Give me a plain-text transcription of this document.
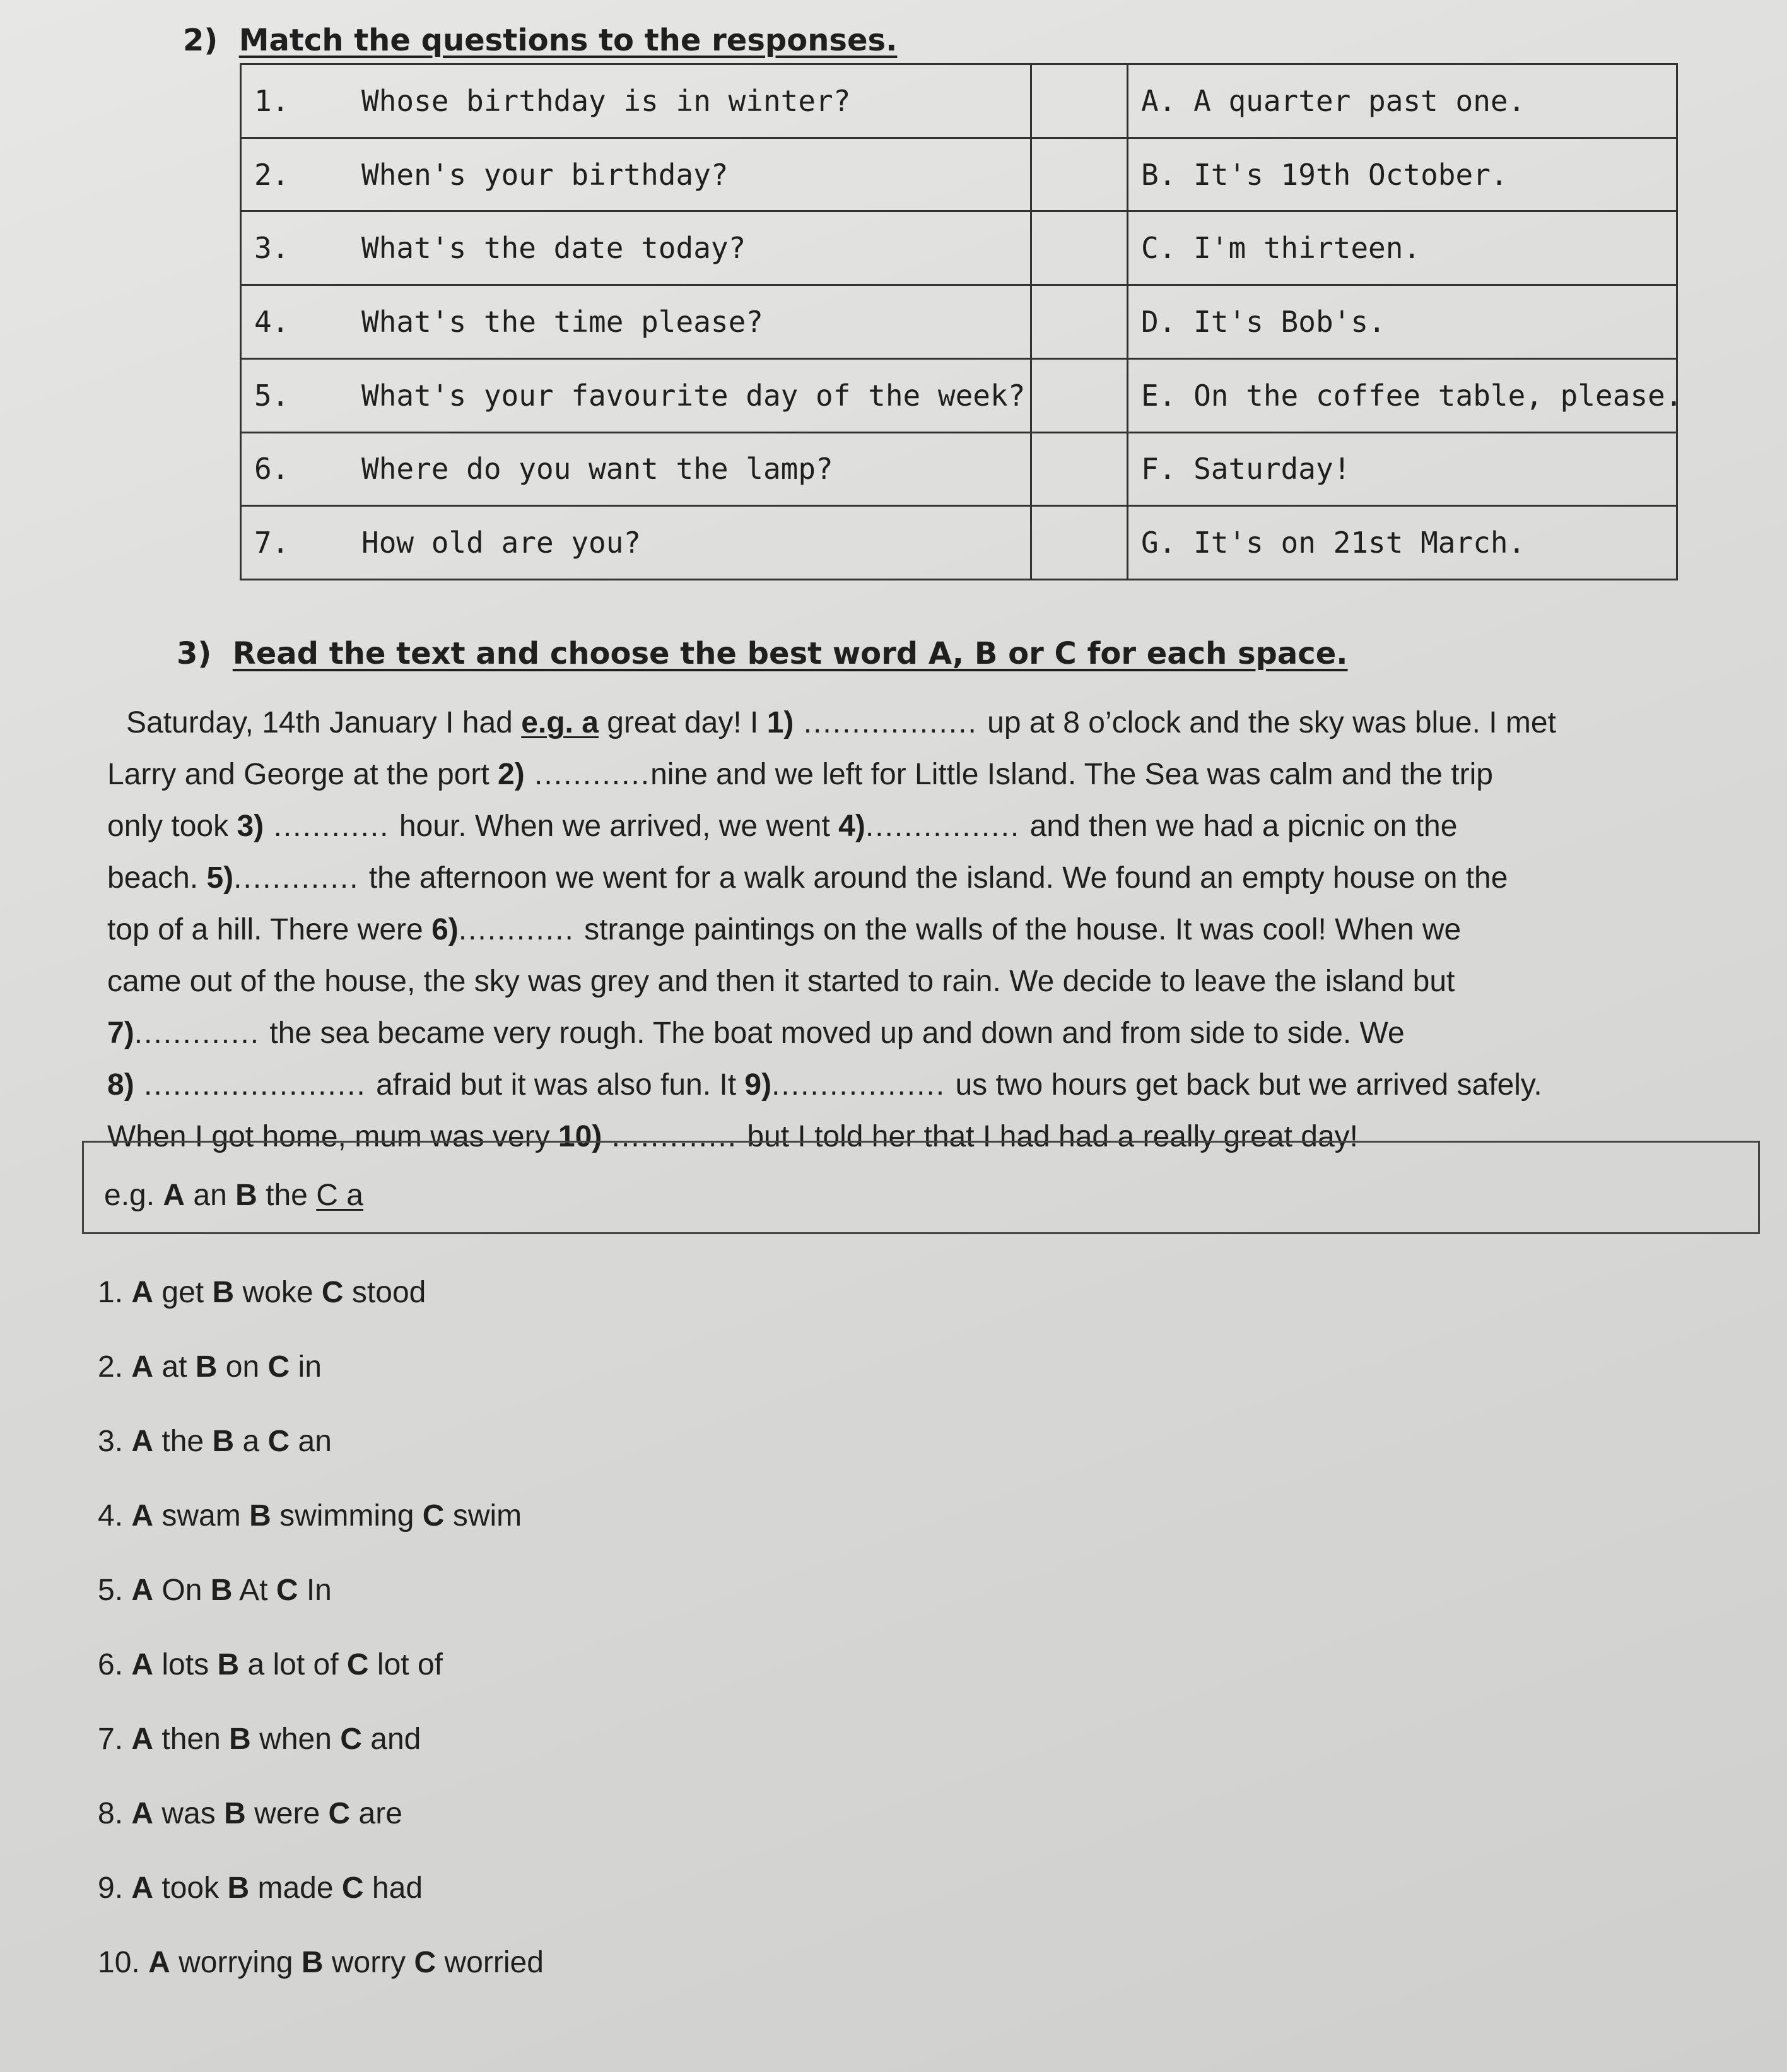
2) Match the questions to the responses.
1. Whose birthday is in winter?		A. A quarter past one.
2. When's your birthday?		B. It's 19th October.
3. What's the date today?		C. I'm thirteen.
4. What's the time please?		D. It's Bob's.
5. What's your favourite day of the week?		E. On the coffee table, please.
6. Where do you want the lamp?		F. Saturday!
7. How old are you?		G. It's on 21st March.
3) Read the text and choose the best word A, B or C for each space.

Saturday, 14th January I had e.g. a great day! I 1) .................. up at 8 o’clock and the sky was blue. I met

Larry and George at the port 2) ............nine and we left for Little Island. The Sea was calm and the trip

only took 3) ............ hour. When we arrived, we went 4)................ and then we had a picnic on the

beach. 5)............. the afternoon we went for a walk around the island. We found an empty house on the

top of a hill. There were 6)............ strange paintings on the walls of the house. It was cool! When we

came out of the house, the sky was grey and then it started to rain. We decide to leave the island but

7)............. the sea became very rough. The boat moved up and down and from side to side. We

8) ....................... afraid but it was also fun. It 9).................. us two hours get back but we arrived safely.

When I got home, mum was very 10) ............. but I told her that I had had a really great day!

e.g. A an B the C a
1. A get B woke C stood
2. A at B on C in
3. A the B a C an
4. A swam B swimming C swim
5. A On B At C In
6. A lots B a lot of C lot of
7. A then B when C and
8. A was B were C are
9. A took B made C had
10. A worrying B worry C worried
